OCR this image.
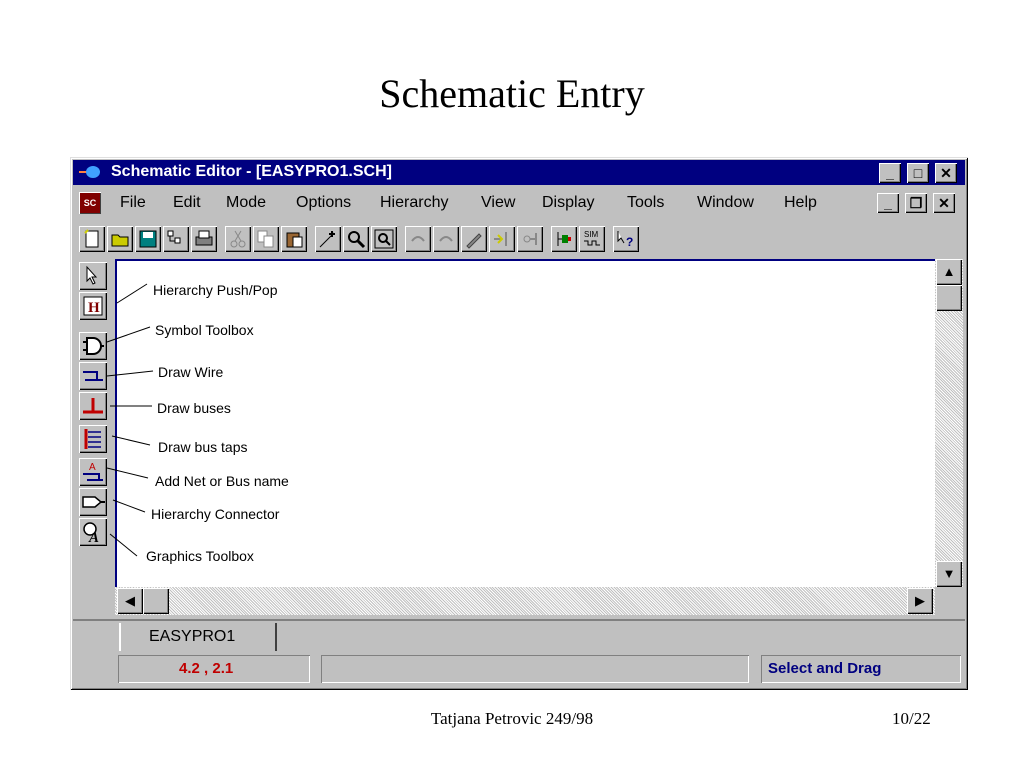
Schematic Entry
Schematic Editor - [EASYPRO1.SCH]	_	□	✕
SC File Edit Mode Options Hierarchy View Display Tools Window Help	_	❐	✕
SIM
?
H
A
A
▲
▼
◀	▶
EASYPRO1
4.2 , 2.1	Select and Drag
Hierarchy Push/Pop
Symbol Toolbox
Draw Wire
Draw buses
Draw bus taps
Add Net or Bus name
Hierarchy Connector
Graphics Toolbox
Tatjana Petrovic 249/98	10/22
